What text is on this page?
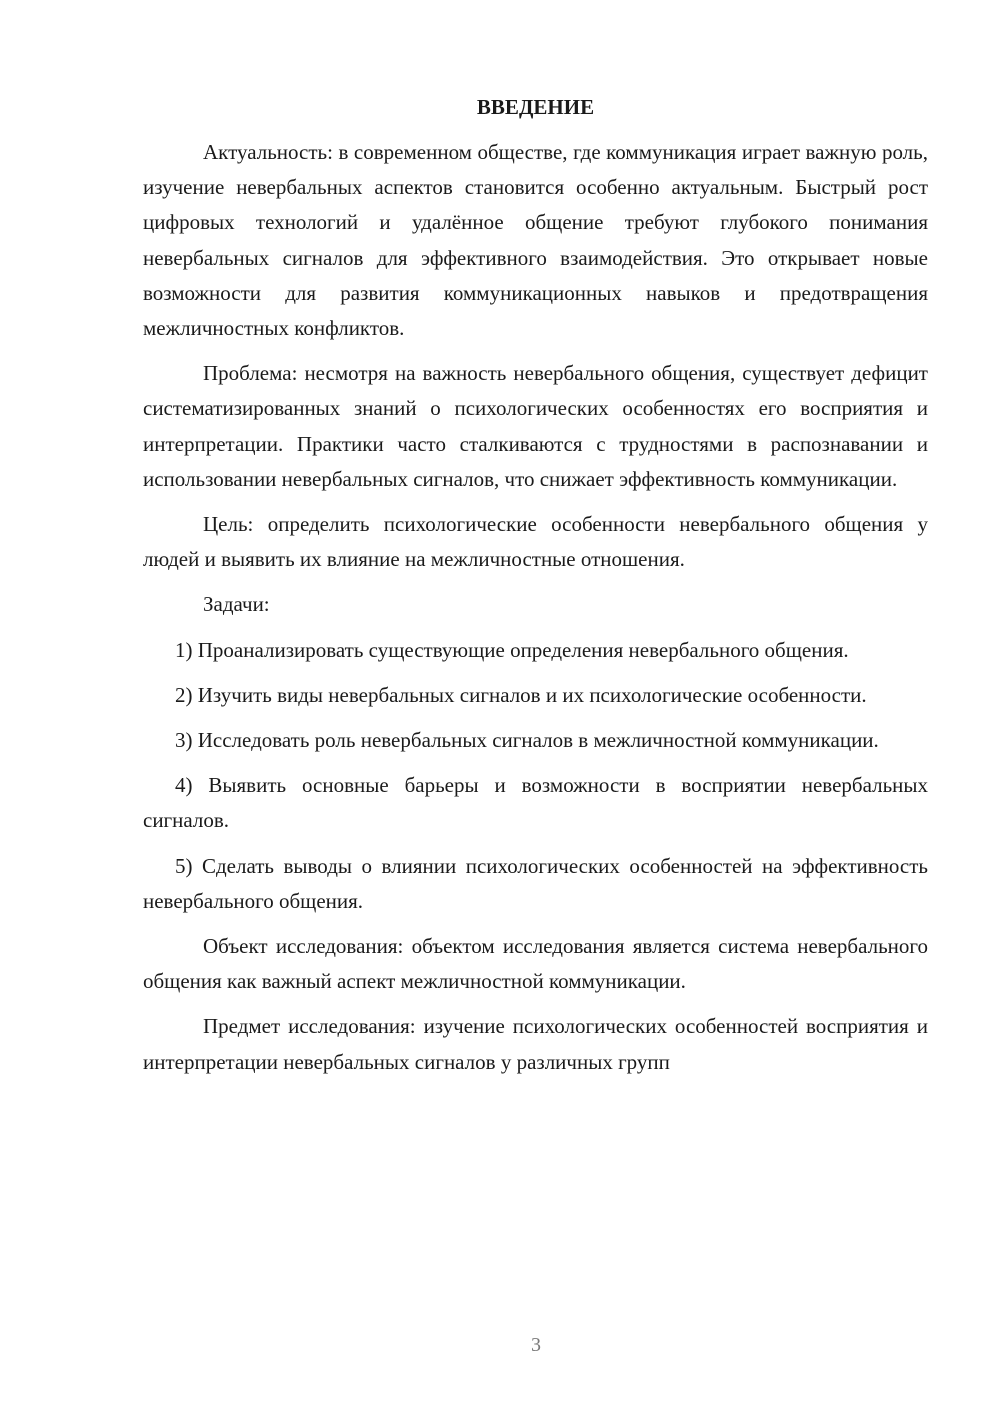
ВВЕДЕНИЕ

Актуальность: в современном обществе, где коммуникация играет важную роль, изучение невербальных аспектов становится особенно актуальным. Быстрый рост цифровых технологий и удалённое общение требуют глубокого понимания невербальных сигналов для эффективного взаимодействия. Это открывает новые возможности для развития коммуникационных навыков и предотвращения межличностных конфликтов.

Проблема: несмотря на важность невербального общения, существует дефицит систематизированных знаний о психологических особенностях его восприятия и интерпретации. Практики часто сталкиваются с трудностями в распознавании и использовании невербальных сигналов, что снижает эффективность коммуникации.

Цель: определить психологические особенности невербального общения у людей и выявить их влияние на межличностные отношения.

Задачи:

1) Проанализировать существующие определения невербального общения.

2) Изучить виды невербальных сигналов и их психологические особенности.

3) Исследовать роль невербальных сигналов в межличностной коммуникации.

4) Выявить основные барьеры и возможности в восприятии невербальных сигналов.

5) Сделать выводы о влиянии психологических особенностей на эффективность невербального общения.

Объект исследования: объектом исследования является система невербального общения как важный аспект межличностной коммуникации.

Предмет исследования: изучение психологических особенностей восприятия и интерпретации невербальных сигналов у различных групп

3
